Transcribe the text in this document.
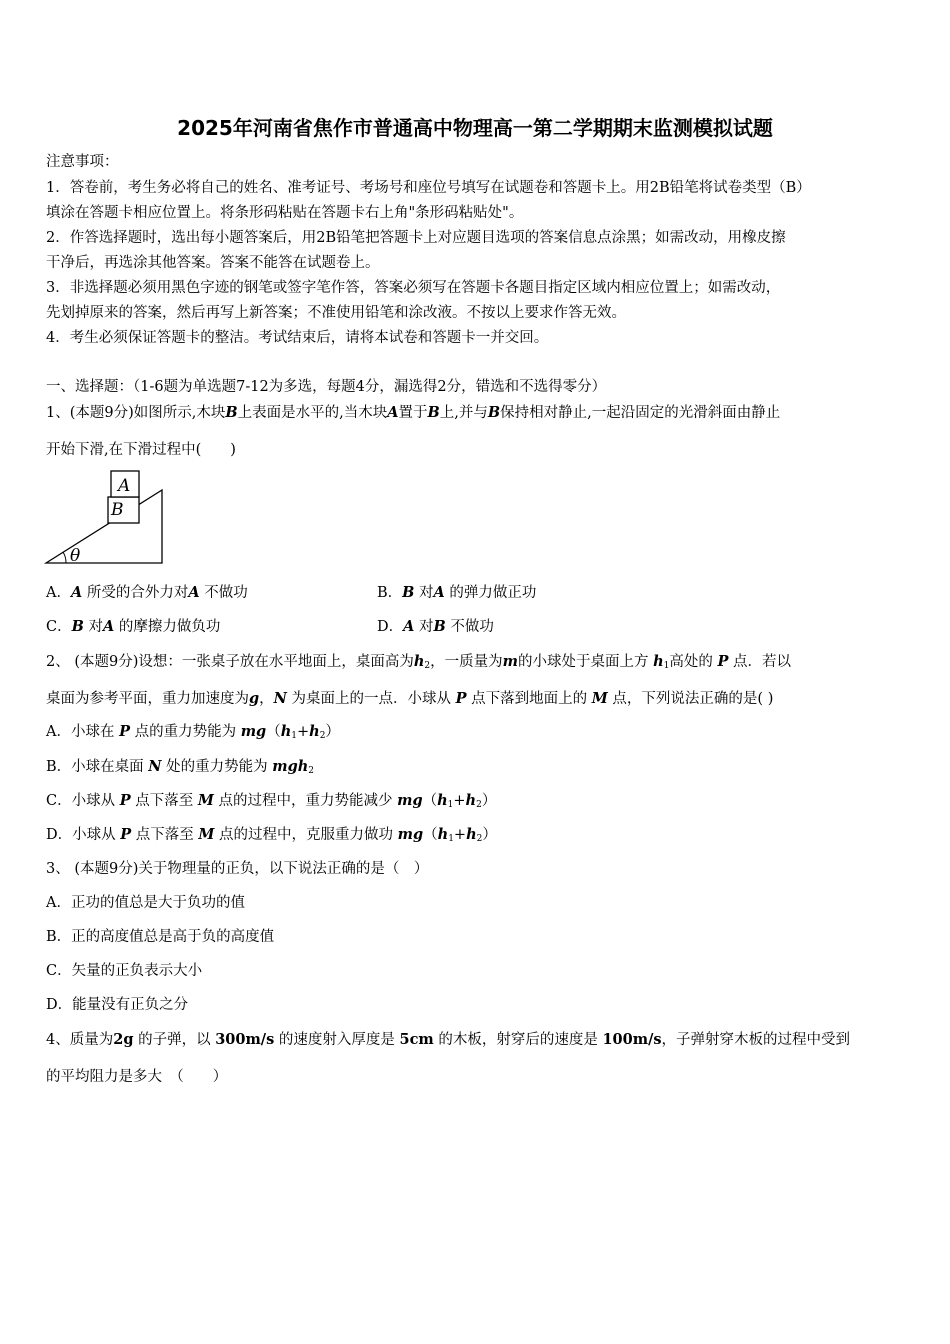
2025年河南省焦作市普通高中物理高一第二学期期末监测模拟试题
注意事项：
1．答卷前，考生务必将自己的姓名、准考证号、考场号和座位号填写在试题卷和答题卡上。用2B铅笔将试卷类型（B）
填涂在答题卡相应位置上。将条形码粘贴在答题卡右上角"条形码粘贴处"。
2．作答选择题时，选出每小题答案后，用2B铅笔把答题卡上对应题目选项的答案信息点涂黑；如需改动，用橡皮擦
干净后，再选涂其他答案。答案不能答在试题卷上。
3．非选择题必须用黑色字迹的钢笔或签字笔作答，答案必须写在答题卡各题目指定区域内相应位置上；如需改动，
先划掉原来的答案，然后再写上新答案；不准使用铅笔和涂改液。不按以上要求作答无效。
4．考生必须保证答题卡的整洁。考试结束后，请将本试卷和答题卡一并交回。
一、选择题：（1-6题为单选题7-12为多选，每题4分，漏选得2分，错选和不选得零分）
1、(本题9分)如图所示,木块B上表面是水平的,当木块A置于B上,并与B保持相对静止,一起沿固定的光滑斜面由静止
开始下滑,在下滑过程中(　　)
A
B
θ
A．A 所受的合外力对A 不做功	B．B 对A 的弹力做正功
C．B 对A 的摩擦力做负功	D．A 对B 不做功
2、 (本题9分)设想：一张桌子放在水平地面上，桌面高为$h_2$，一质量为m的小球处于桌面上方 $h_1$高处的 P 点．若以
桌面为参考平面，重力加速度为g，N 为桌面上的一点．小球从 P 点下落到地面上的 M 点，下列说法正确的是( )
A．小球在 P 点的重力势能为 $mg(h_1+h_2)$
B．小球在桌面 N 处的重力势能为 mgh$_2$
C．小球从 P 点下落至 M 点的过程中，重力势能减少 $mg(h_1+h_2)$
D．小球从 P 点下落至 M 点的过程中，克服重力做功 $mg(h_1+h_2)$
3、 (本题9分)关于物理量的正负，以下说法正确的是（　）
A．正功的值总是大于负功的值
B．正的高度值总是高于负的高度值
C．矢量的正负表示大小
D．能量没有正负之分
4、质量为2g 的子弹，以 300m/s 的速度射入厚度是 5cm 的木板，射穿后的速度是 100m/s，子弹射穿木板的过程中受到
的平均阻力是多大　（　　）
